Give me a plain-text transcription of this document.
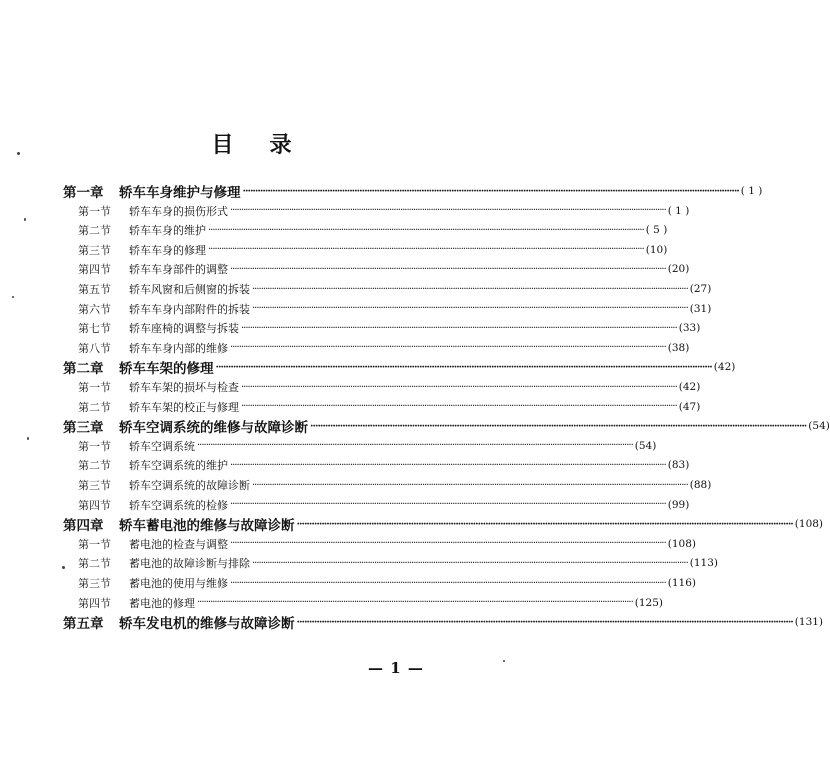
目 录
第一章	轿车车身维护与修理 ········································································································································································································ ( 1 )
第一节	轿车车身的损伤形式 ········································································································································································································ ( 1 )
第二节	轿车车身的维护 ········································································································································································································ ( 5 )
第三节	轿车车身的修理 ········································································································································································································ (10)
第四节	轿车车身部件的调整 ········································································································································································································ (20)
第五节	轿车风窗和后侧窗的拆装 ········································································································································································································ (27)
第六节	轿车车身内部附件的拆装 ········································································································································································································ (31)
第七节	轿车座椅的调整与拆装 ········································································································································································································ (33)
第八节	轿车车身内部的维修 ········································································································································································································ (38)
第二章	轿车车架的修理 ········································································································································································································ (42)
第一节	轿车车架的损坏与检查 ········································································································································································································ (42)
第二节	轿车车架的校正与修理 ········································································································································································································ (47)
第三章	轿车空调系统的维修与故障诊断 ········································································································································································································ (54)
第一节	轿车空调系统 ········································································································································································································ (54)
第二节	轿车空调系统的维护 ········································································································································································································ (83)
第三节	轿车空调系统的故障诊断 ········································································································································································································ (88)
第四节	轿车空调系统的检修 ········································································································································································································ (99)
第四章	轿车蓄电池的维修与故障诊断 ········································································································································································································ (108)
第一节	蓄电池的检查与调整 ········································································································································································································ (108)
第二节	蓄电池的故障诊断与排除 ········································································································································································································ (113)
第三节	蓄电池的使用与维修 ········································································································································································································ (116)
第四节	蓄电池的修理 ········································································································································································································ (125)
第五章	轿车发电机的维修与故障诊断 ········································································································································································································ (131)
— 1 —
